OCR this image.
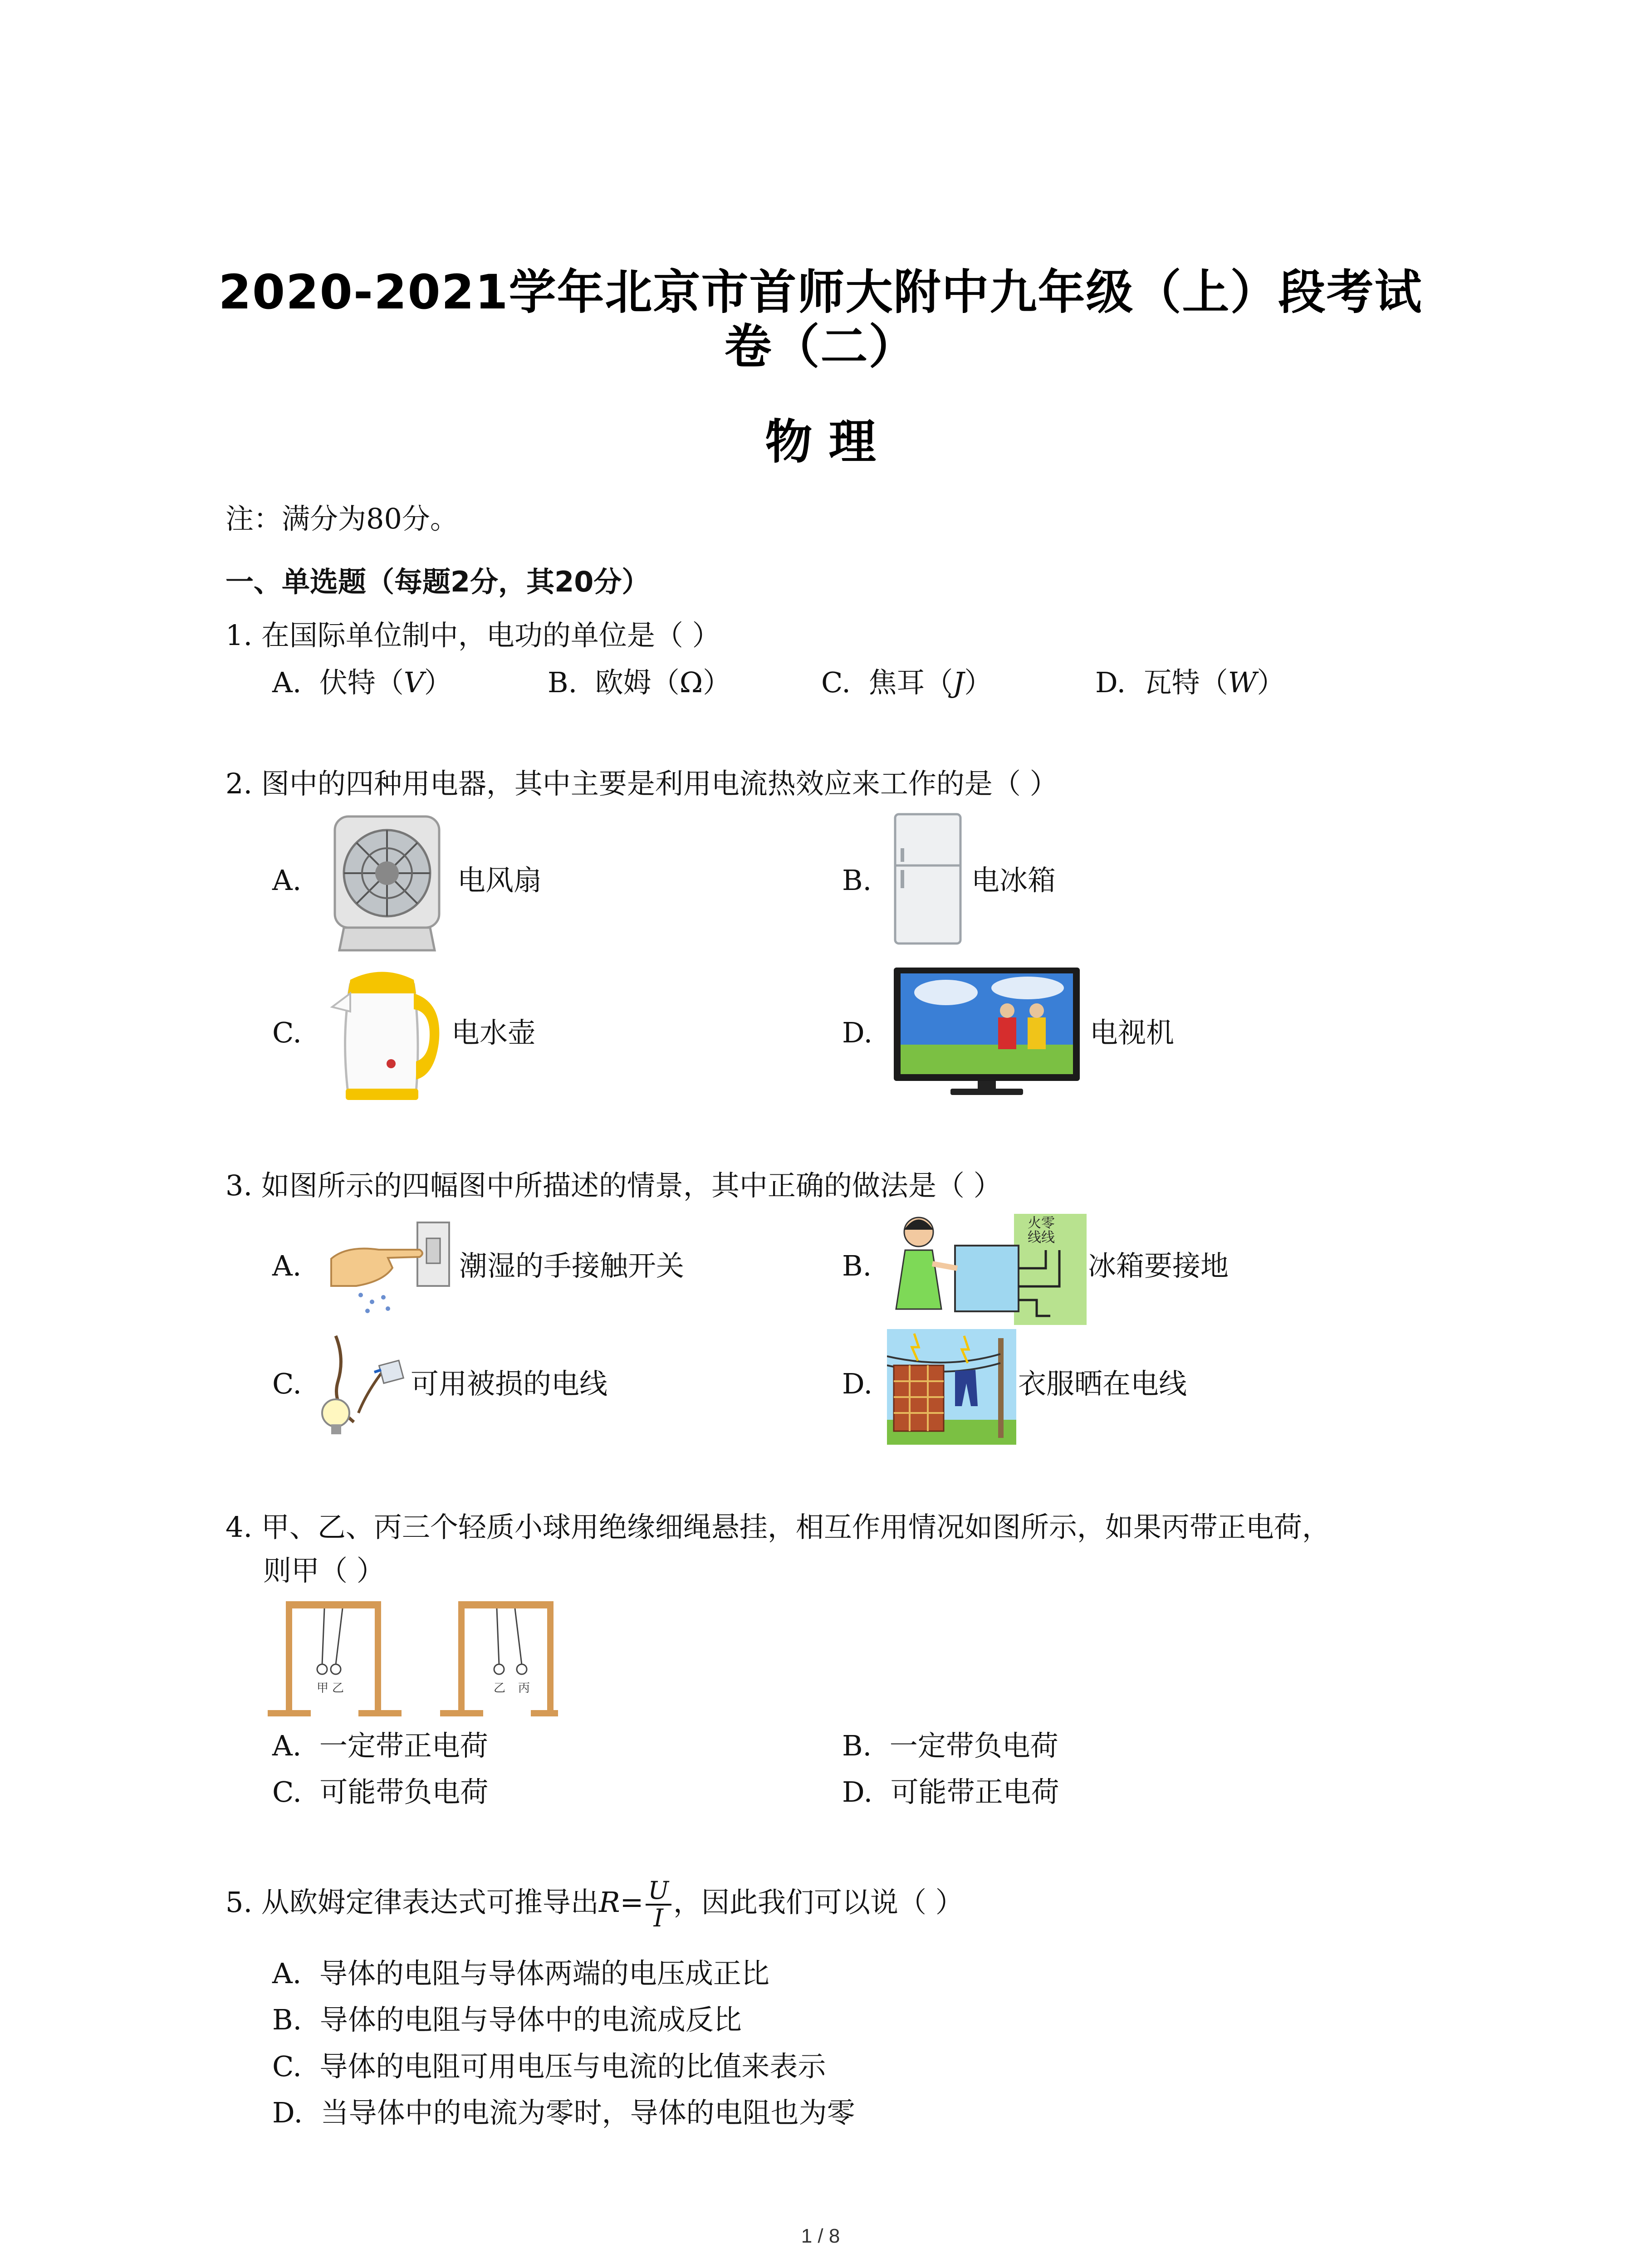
2020-2021学年北京市首师大附中九年级（上）段考试
卷（二）
物 理
注：满分为80分。
一、单选题（每题2分，其20分）
1. 在国际单位制中，电功的单位是（ ）
A. 伏特（V）	B. 欧姆（Ω）	C. 焦耳（J）	D. 瓦特（W）
2. 图中的四种用电器，其中主要是利用电流热效应来工作的是（ ）
A.	电风扇	B.	电冰箱
C.	电水壶	D.	电视机
3. 如图所示的四幅图中所描述的情景，其中正确的做法是（ ）
A.	潮湿的手接触开关	B.
火零
线线
冰箱要接地
C.	可用被损的电线	D.	衣服晒在电线
4. 甲、乙、丙三个轻质小球用绝缘细绳悬挂，相互作用情况如图所示，如果丙带正电荷，
则甲（ ）
甲 乙	乙 丙
A. 一定带正电荷	B. 一定带负电荷
C. 可能带负电荷	D. 可能带正电荷
5. 从欧姆定律表达式可推导出$R= \frac{U}{I}$ ，因此我们可以说（ ）
A. 导体的电阻与导体两端的电压成正比
B. 导体的电阻与导体中的电流成反比
C. 导体的电阻可用电压与电流的比值来表示
D. 当导体中的电流为零时，导体的电阻也为零
1 / 8
